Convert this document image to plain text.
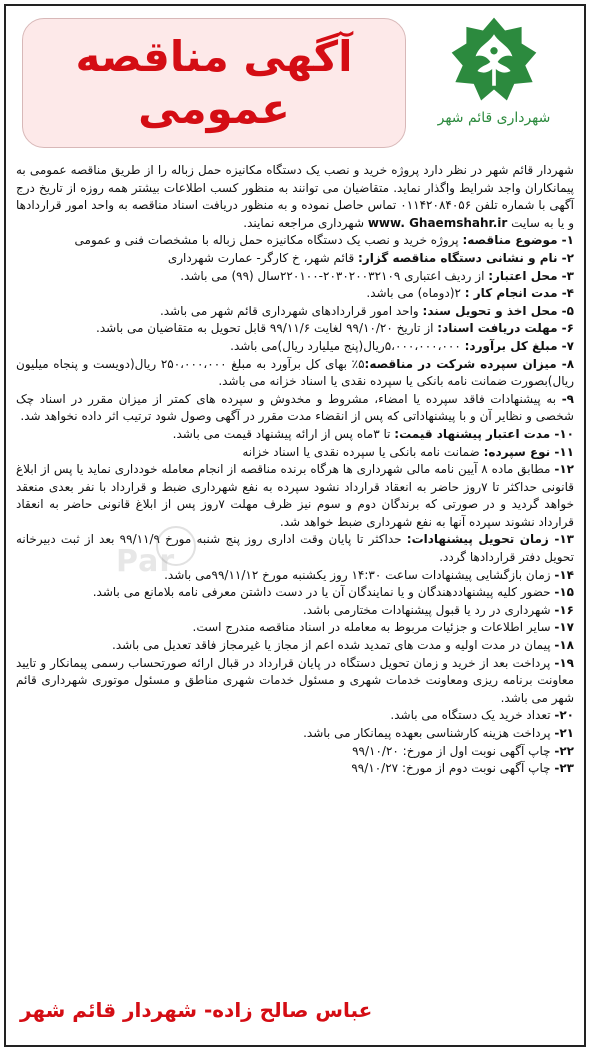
آگهی مناقصه
عمومی	شهرداری قائم شهر

شهردار قائم شهر در نظر دارد پروژه خرید و نصب یک دستگاه مکانیزه حمل زباله را از طریق مناقصه عمومی به پیمانکاران واجد شرایط واگذار نماید. متقاضیان می توانند به منظور کسب اطلاعات بیشتر همه روزه از تاریخ درج آگهی با شماره تلفن ۰۱۱۴۲۰۸۴۰۵۶ تماس حاصل نموده و به منظور دریافت اسناد مناقصه به واحد امور قراردادها و یا به سایت www. Ghaemshahr.ir شهرداری مراجعه نمایند.

۱- موضوع مناقصه: پروژه خرید و نصب یک دستگاه مکانیزه حمل زباله با مشخصات فنی و عمومی

۲- نام و نشانی دستگاه مناقصه گزار: قائم شهر، خ کارگر- عمارت شهرداری

۳- محل اعتبار: از ردیف اعتباری ۲۰۳۰۲۰۰۳۲۱۰۹-۲۲۰۱۰۰سال (۹۹) می باشد.

۴- مدت انجام کار : ۲(دوماه) می باشد.

۵- محل اخذ و تحویل سند: واحد امور قراردادهای شهرداری قائم شهر می باشد.

۶- مهلت دریافت اسناد: از تاریخ ۹۹/۱۰/۲۰ لغایت ۹۹/۱۱/۶ قابل تحویل به متقاضیان می باشد.

۷- مبلغ کل برآورد: ۵،۰۰۰،۰۰۰،۰۰۰ریال(پنج میلیارد ریال)می باشد.

۸- میزان سپرده شرکت در مناقصه:۵٪ بهای کل برآورد به مبلغ ۲۵۰،۰۰۰،۰۰۰ ریال(دویست و پنجاه میلیون ریال)بصورت ضمانت نامه بانکی یا سپرده نقدی یا اسناد خزانه می باشد.

۹- به پیشنهادات فاقد سپرده یا امضاء، مشروط و مخدوش و سپرده های کمتر از میزان مقرر در اسناد چک شخصی و نظایر آن و با پیشنهاداتی که پس از انقضاء مدت مقرر در آگهی وصول شود ترتیب اثر داده نخواهد شد.

۱۰- مدت اعتبار پیشنهاد قیمت: تا ۳ماه پس از ارائه پیشنهاد قیمت می باشد.

۱۱- نوع سپرده: ضمانت نامه بانکی یا سپرده نقدی یا اسناد خزانه

۱۲- مطابق ماده ۸ آیین نامه مالی شهرداری ها هرگاه برنده مناقصه از انجام معامله خودداری نماید یا پس از ابلاغ قانونی حداکثر تا ۷روز حاضر به انعقاد قرارداد نشود سپرده به نفع شهرداری ضبط و قرارداد با نفر بعدی منعقد خواهد گردید و در صورتی که برندگان دوم و سوم نیز ظرف مهلت ۷روز پس از ابلاغ قانونی حاضر به انعقاد قرارداد نشوند سپرده آنها به نفع شهرداری ضبط خواهد شد.

۱۳- زمان تحویل پیشنهادات: حداکثر تا پایان وقت اداری روز پنج شنبه مورخ ۹۹/۱۱/۹ بعد از ثبت دبیرخانه تحویل دفتر قراردادها گردد.

۱۴- زمان بازگشایی پیشنهادات ساعت ۱۴:۳۰ روز یکشنبه مورخ ۹۹/۱۱/۱۲می باشد.

۱۵- حضور کلیه پیشنهاددهندگان و یا نمایندگان آن یا در دست داشتن معرفی نامه بلامانع می باشد.

۱۶- شهرداری در رد یا قبول پیشنهادات مختارمی باشد.

۱۷- سایر اطلاعات و جزئیات مربوط به معامله در اسناد مناقصه مندرج است.

۱۸- پیمان در مدت اولیه و مدت های تمدید شده اعم از مجاز یا غیرمجاز فاقد تعدیل می باشد.

۱۹- پرداخت بعد از خرید و زمان تحویل دستگاه در پایان قرارداد در قبال ارائه صورتحساب رسمی پیمانکار و تایید معاونت برنامه ریزی ومعاونت خدمات شهری و مسئول خدمات شهری مناطق و مسئول موتوری شهرداری قائم شهر می باشد.

۲۰- تعداد خرید یک دستگاه می باشد.

۲۱- پرداخت هزینه کارشناسی بعهده پیمانکار می باشد.

۲۲- چاپ آگهی نوبت اول از مورخ: ۹۹/۱۰/۲۰

۲۳- چاپ آگهی نوبت دوم از مورخ: ۹۹/۱۰/۲۷

Par
عباس صالح زاده- شهردار قائم شهر
